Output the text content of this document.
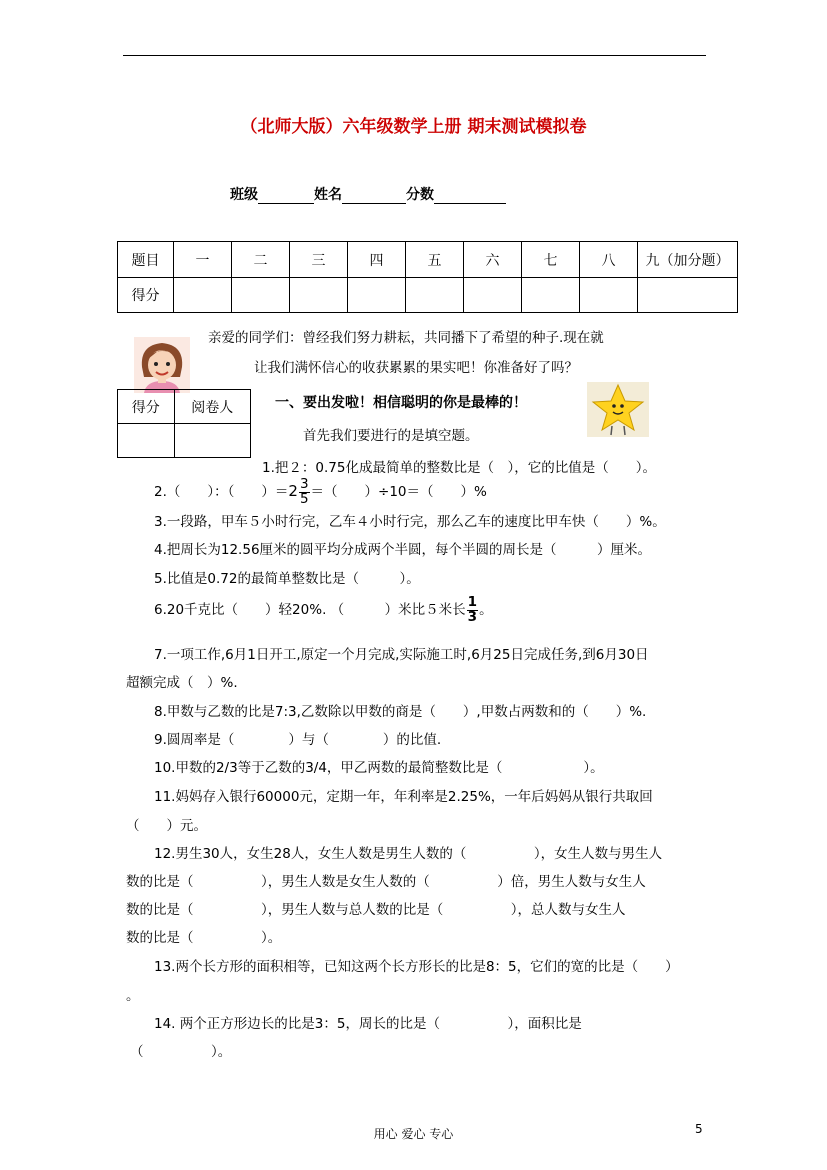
（北师大版）六年级数学上册 期末测试模拟卷
班级	姓名	分数
题目	一	二	三	四	五	六	七	八	九（加分题）
得分									
亲爱的同学们：曾经我们努力耕耘，共同播下了希望的种子.现在就
让我们满怀信心的收获累累的果实吧！你准备好了吗？
得分	阅卷人
		一、要出发啦！相信聪明的你是最棒的！
首先我们要进行的是填空题。
1.把２：0.75化成最简单的整数比是（　），它的比值是（　　）。
2.（　　）：（　　）$=2 \frac{3}{5}$ ＝（　　）÷10＝（　　）%
3.一段路，甲车５小时行完，乙车４小时行完，那么乙车的速度比甲车快（　　）%。
4.把周长为12.56厘米的圆平均分成两个半圆，每个半圆的周长是（　　　）厘米。
5.比值是0.72的最简单整数比是（　　　）。
6.20千克比（　　）轻20%. （　　　）米比５米长 $\frac{1}{3}$ 。
7.一项工作,6月1日开工,原定一个月完成,实际施工时,6月25日完成任务,到6月30日
超额完成（　）%.
8.甲数与乙数的比是7:3,乙数除以甲数的商是（　　）,甲数占两数和的（　　）%.
9.圆周率是（　　　　）与（　　　　）的比值.
10.甲数的2/3等于乙数的3/4，甲乙两数的最简整数比是（　　　　　　）。
11.妈妈存入银行60000元，定期一年，年利率是2.25%，一年后妈妈从银行共取回
（　　）元。
12.男生30人，女生28人，女生人数是男生人数的（　　　　　），女生人数与男生人
数的比是（　　　　　），男生人数是女生人数的（　　　　　）倍，男生人数与女生人
数的比是（　　　　　），男生人数与总人数的比是（　　　　　），总人数与女生人
数的比是（　　　　　）。
13.两个长方形的面积相等，已知这两个长方形长的比是8：5，它们的宽的比是（　　）
。
14. 两个正方形边长的比是3：5，周长的比是（　　　　　），面积比是
（　　　　　）。
用心 爱心 专心	5
